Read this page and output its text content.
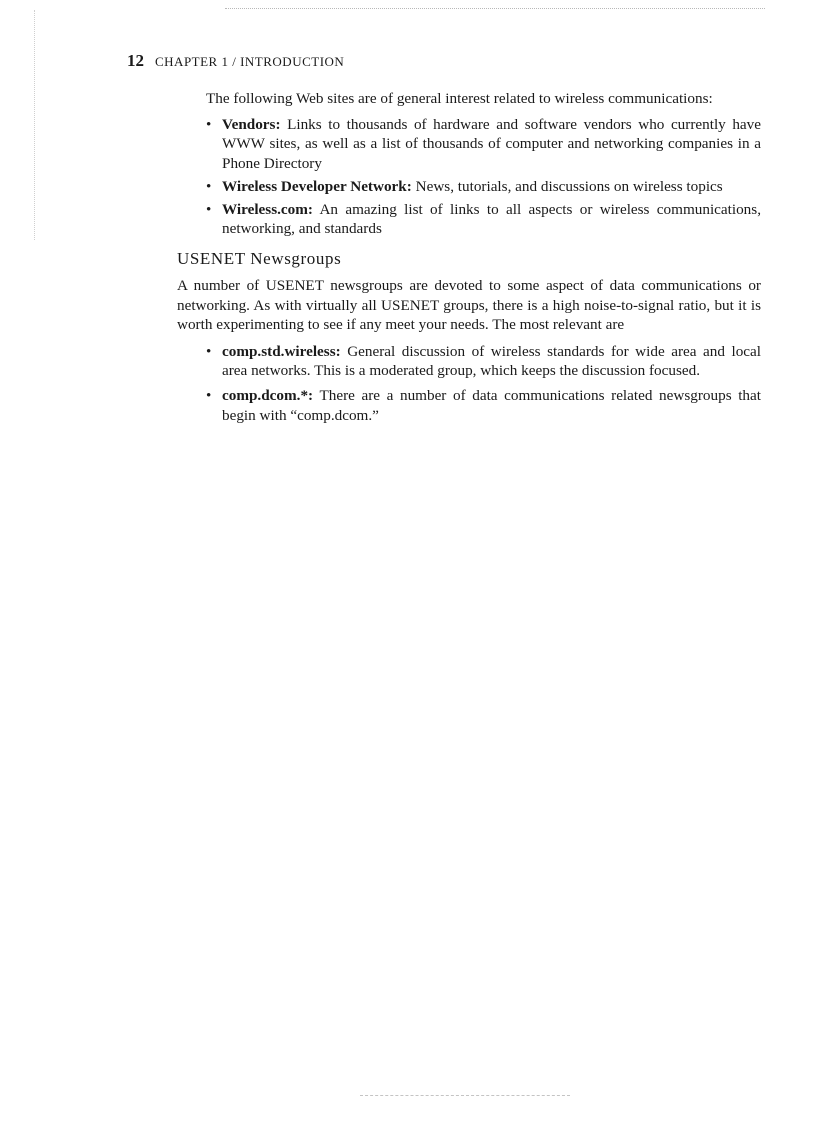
12 CHAPTER 1 / INTRODUCTION

The following Web sites are of general interest related to wireless communications:

• Vendors: Links to thousands of hardware and software vendors who currently have WWW sites, as well as a list of thousands of computer and networking companies in a Phone Directory
• Wireless Developer Network: News, tutorials, and discussions on wireless topics
• Wireless.com: An amazing list of links to all aspects or wireless communications, networking, and standards
USENET Newsgroups

A number of USENET newsgroups are devoted to some aspect of data communications or networking. As with virtually all USENET groups, there is a high noise-to-signal ratio, but it is worth experimenting to see if any meet your needs. The most relevant are

• comp.std.wireless: General discussion of wireless standards for wide area and local area networks. This is a moderated group, which keeps the discussion focused.
• comp.dcom.*: There are a number of data communications related newsgroups that begin with “comp.dcom.”
